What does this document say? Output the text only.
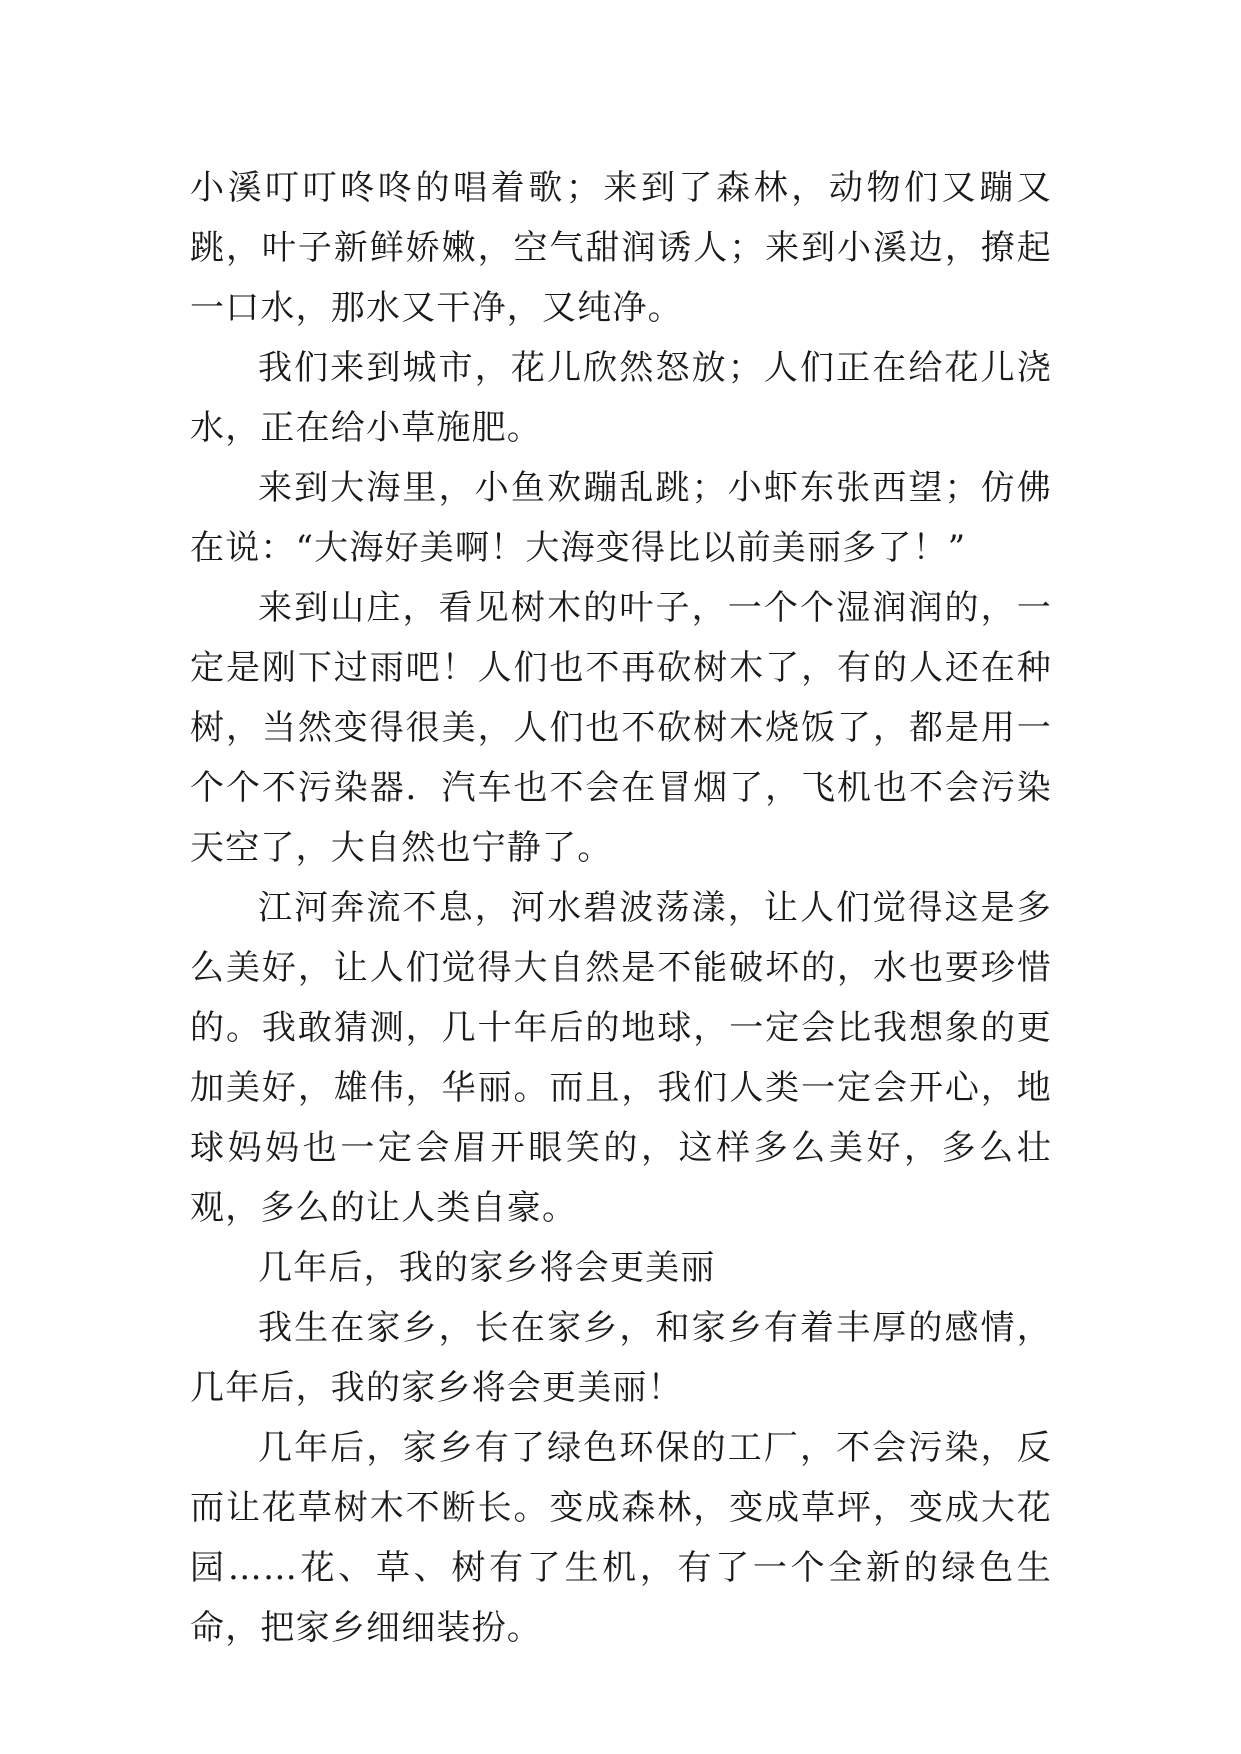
小溪叮叮咚咚的唱着歌；来到了森林，动物们又蹦又跳，叶子新鲜娇嫩，空气甜润诱人；来到小溪边，撩起一口水，那水又干净，又纯净。

我们来到城市，花儿欣然怒放；人们正在给花儿浇水，正在给小草施肥。

来到大海里，小鱼欢蹦乱跳；小虾东张西望；仿佛在说：“大海好美啊！大海变得比以前美丽多了！”

来到山庄，看见树木的叶子，一个个湿润润的，一定是刚下过雨吧！人们也不再砍树木了，有的人还在种树，当然变得很美，人们也不砍树木烧饭了，都是用一个个不污染器．汽车也不会在冒烟了，飞机也不会污染天空了，大自然也宁静了。

江河奔流不息，河水碧波荡漾，让人们觉得这是多么美好，让人们觉得大自然是不能破坏的，水也要珍惜的。我敢猜测，几十年后的地球，一定会比我想象的更加美好，雄伟，华丽。而且，我们人类一定会开心，地球妈妈也一定会眉开眼笑的，这样多么美好，多么壮观，多么的让人类自豪。

几年后，我的家乡将会更美丽

我生在家乡，长在家乡，和家乡有着丰厚的感情，几年后，我的家乡将会更美丽！

几年后，家乡有了绿色环保的工厂，不会污染，反而让花草树木不断长。变成森林，变成草坪，变成大花园……花、草、树有了生机，有了一个全新的绿色生命，把家乡细细装扮。
